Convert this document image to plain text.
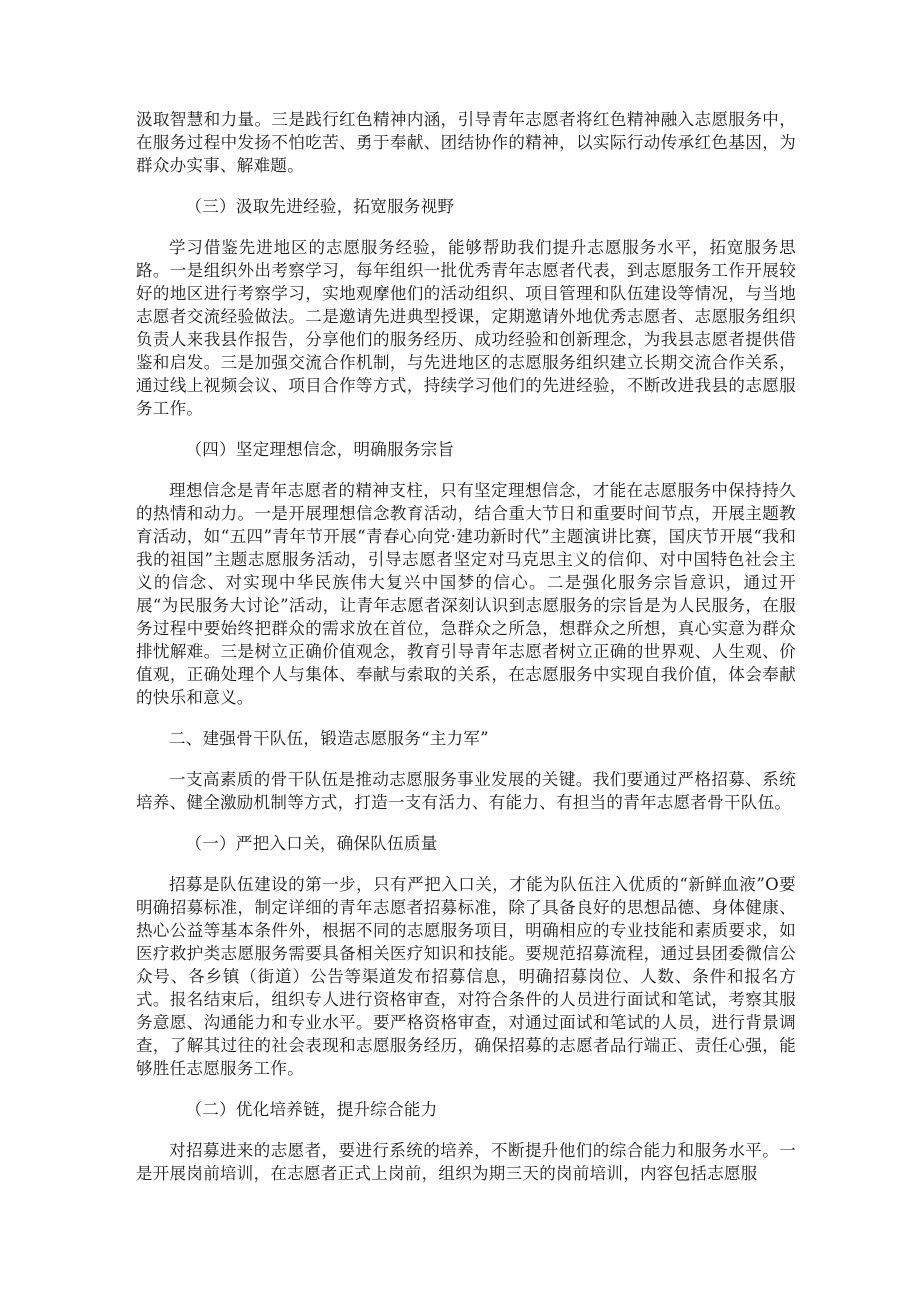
汲取智慧和力量。三是践行红色精神内涵，引导青年志愿者将红色精神融入志愿服务中，在服务过程中发扬不怕吃苦、勇于奉献、团结协作的精神，以实际行动传承红色基因，为群众办实事、解难题。

（三）汲取先进经验，拓宽服务视野

学习借鉴先进地区的志愿服务经验，能够帮助我们提升志愿服务水平，拓宽服务思路。一是组织外出考察学习，每年组织一批优秀青年志愿者代表，到志愿服务工作开展较好的地区进行考察学习，实地观摩他们的活动组织、项目管理和队伍建设等情况，与当地志愿者交流经验做法。二是邀请先进典型授课，定期邀请外地优秀志愿者、志愿服务组织负责人来我县作报告，分享他们的服务经历、成功经验和创新理念，为我县志愿者提供借鉴和启发。三是加强交流合作机制，与先进地区的志愿服务组织建立长期交流合作关系，通过线上视频会议、项目合作等方式，持续学习他们的先进经验，不断改进我县的志愿服务工作。

（四）坚定理想信念，明确服务宗旨

理想信念是青年志愿者的精神支柱，只有坚定理想信念，才能在志愿服务中保持持久的热情和动力。一是开展理想信念教育活动，结合重大节日和重要时间节点，开展主题教育活动，如“五四”青年节开展“青春心向党·建功新时代”主题演讲比赛，国庆节开展“我和我的祖国”主题志愿服务活动，引导志愿者坚定对马克思主义的信仰、对中国特色社会主义的信念、对实现中华民族伟大复兴中国梦的信心。二是强化服务宗旨意识，通过开展“为民服务大讨论”活动，让青年志愿者深刻认识到志愿服务的宗旨是为人民服务，在服务过程中要始终把群众的需求放在首位，急群众之所急，想群众之所想，真心实意为群众排忧解难。三是树立正确价值观念，教育引导青年志愿者树立正确的世界观、人生观、价值观，正确处理个人与集体、奉献与索取的关系，在志愿服务中实现自我价值，体会奉献的快乐和意义。

二、建强骨干队伍，锻造志愿服务“主力军”

一支高素质的骨干队伍是推动志愿服务事业发展的关键。我们要通过严格招募、系统培养、健全激励机制等方式，打造一支有活力、有能力、有担当的青年志愿者骨干队伍。

（一）严把入口关，确保队伍质量

招募是队伍建设的第一步，只有严把入口关，才能为队伍注入优质的“新鲜血液”O要明确招募标准，制定详细的青年志愿者招募标准，除了具备良好的思想品德、身体健康、热心公益等基本条件外，根据不同的志愿服务项目，明确相应的专业技能和素质要求，如医疗救护类志愿服务需要具备相关医疗知识和技能。要规范招募流程，通过县团委微信公众号、各乡镇（街道）公告等渠道发布招募信息，明确招募岗位、人数、条件和报名方式。报名结束后，组织专人进行资格审查，对符合条件的人员进行面试和笔试，考察其服务意愿、沟通能力和专业水平。要严格资格审查，对通过面试和笔试的人员，进行背景调查，了解其过往的社会表现和志愿服务经历，确保招募的志愿者品行端正、责任心强，能够胜任志愿服务工作。

（二）优化培养链，提升综合能力

对招募进来的志愿者，要进行系统的培养，不断提升他们的综合能力和服务水平。一是开展岗前培训，在志愿者正式上岗前，组织为期三天的岗前培训，内容包括志愿服
